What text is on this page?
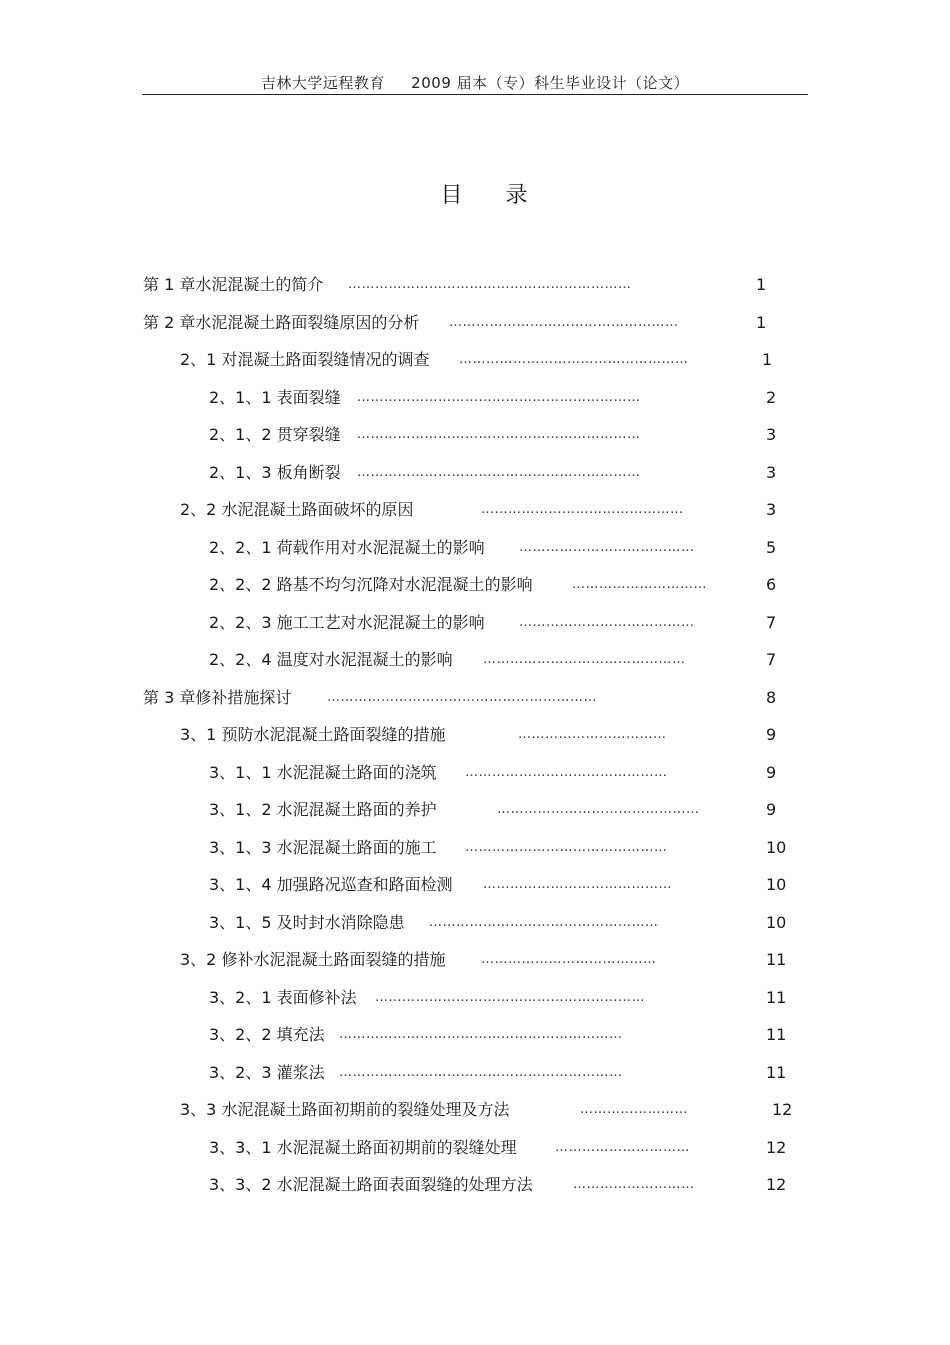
吉林大学远程教育     2009 届本（专）科生毕业设计（论文）
目 录
第 1 章水泥混凝土的简介 ………………………………………………………	1
第 2 章水泥混凝土路面裂缝原因的分析 ……………………………………………	1
2、1 对混凝土路面裂缝情况的调查 ……………………………………………	1
2、1、1 表面裂缝 ………………………………………………………	2
2、1、2 贯穿裂缝 ………………………………………………………	3
2、1、3 板角断裂 ………………………………………………………	3
2、2 水泥混凝土路面破坏的原因	………………………………………	3
2、2、1 荷载作用对水泥混凝土的影响	…………………………………	5
2、2、2 路基不均匀沉降对水泥混凝土的影响	…………………………	6
2、2、3 施工工艺对水泥混凝土的影响	…………………………………	7
2、2、4 温度对水泥混凝土的影响 ………………………………………	7
第 3 章修补措施探讨	……………………………………………………	8
3、1 预防水泥混凝土路面裂缝的措施	……………………………	9
3、1、1 水泥混凝土路面的浇筑 ………………………………………	9
3、1、2 水泥混凝土路面的养护	………………………………………	9
3、1、3 水泥混凝土路面的施工 ………………………………………	10
3、1、4 加强路况巡查和路面检测 ……………………………………	10
3、1、5 及时封水消除隐患 ……………………………………………	10
3、2 修补水泥混凝土路面裂缝的措施	…………………………………	11
3、2、1 表面修补法 ……………………………………………………	11
3、2、2 填充法 ………………………………………………………	11
3、2、3 灌浆法 ………………………………………………………	11
3、3 水泥混凝土路面初期前的裂缝处理及方法	……………………	12
3、3、1 水泥混凝土路面初期前的裂缝处理	…………………………	12
3、3、2 水泥混凝土路面表面裂缝的处理方法	………………………	12
